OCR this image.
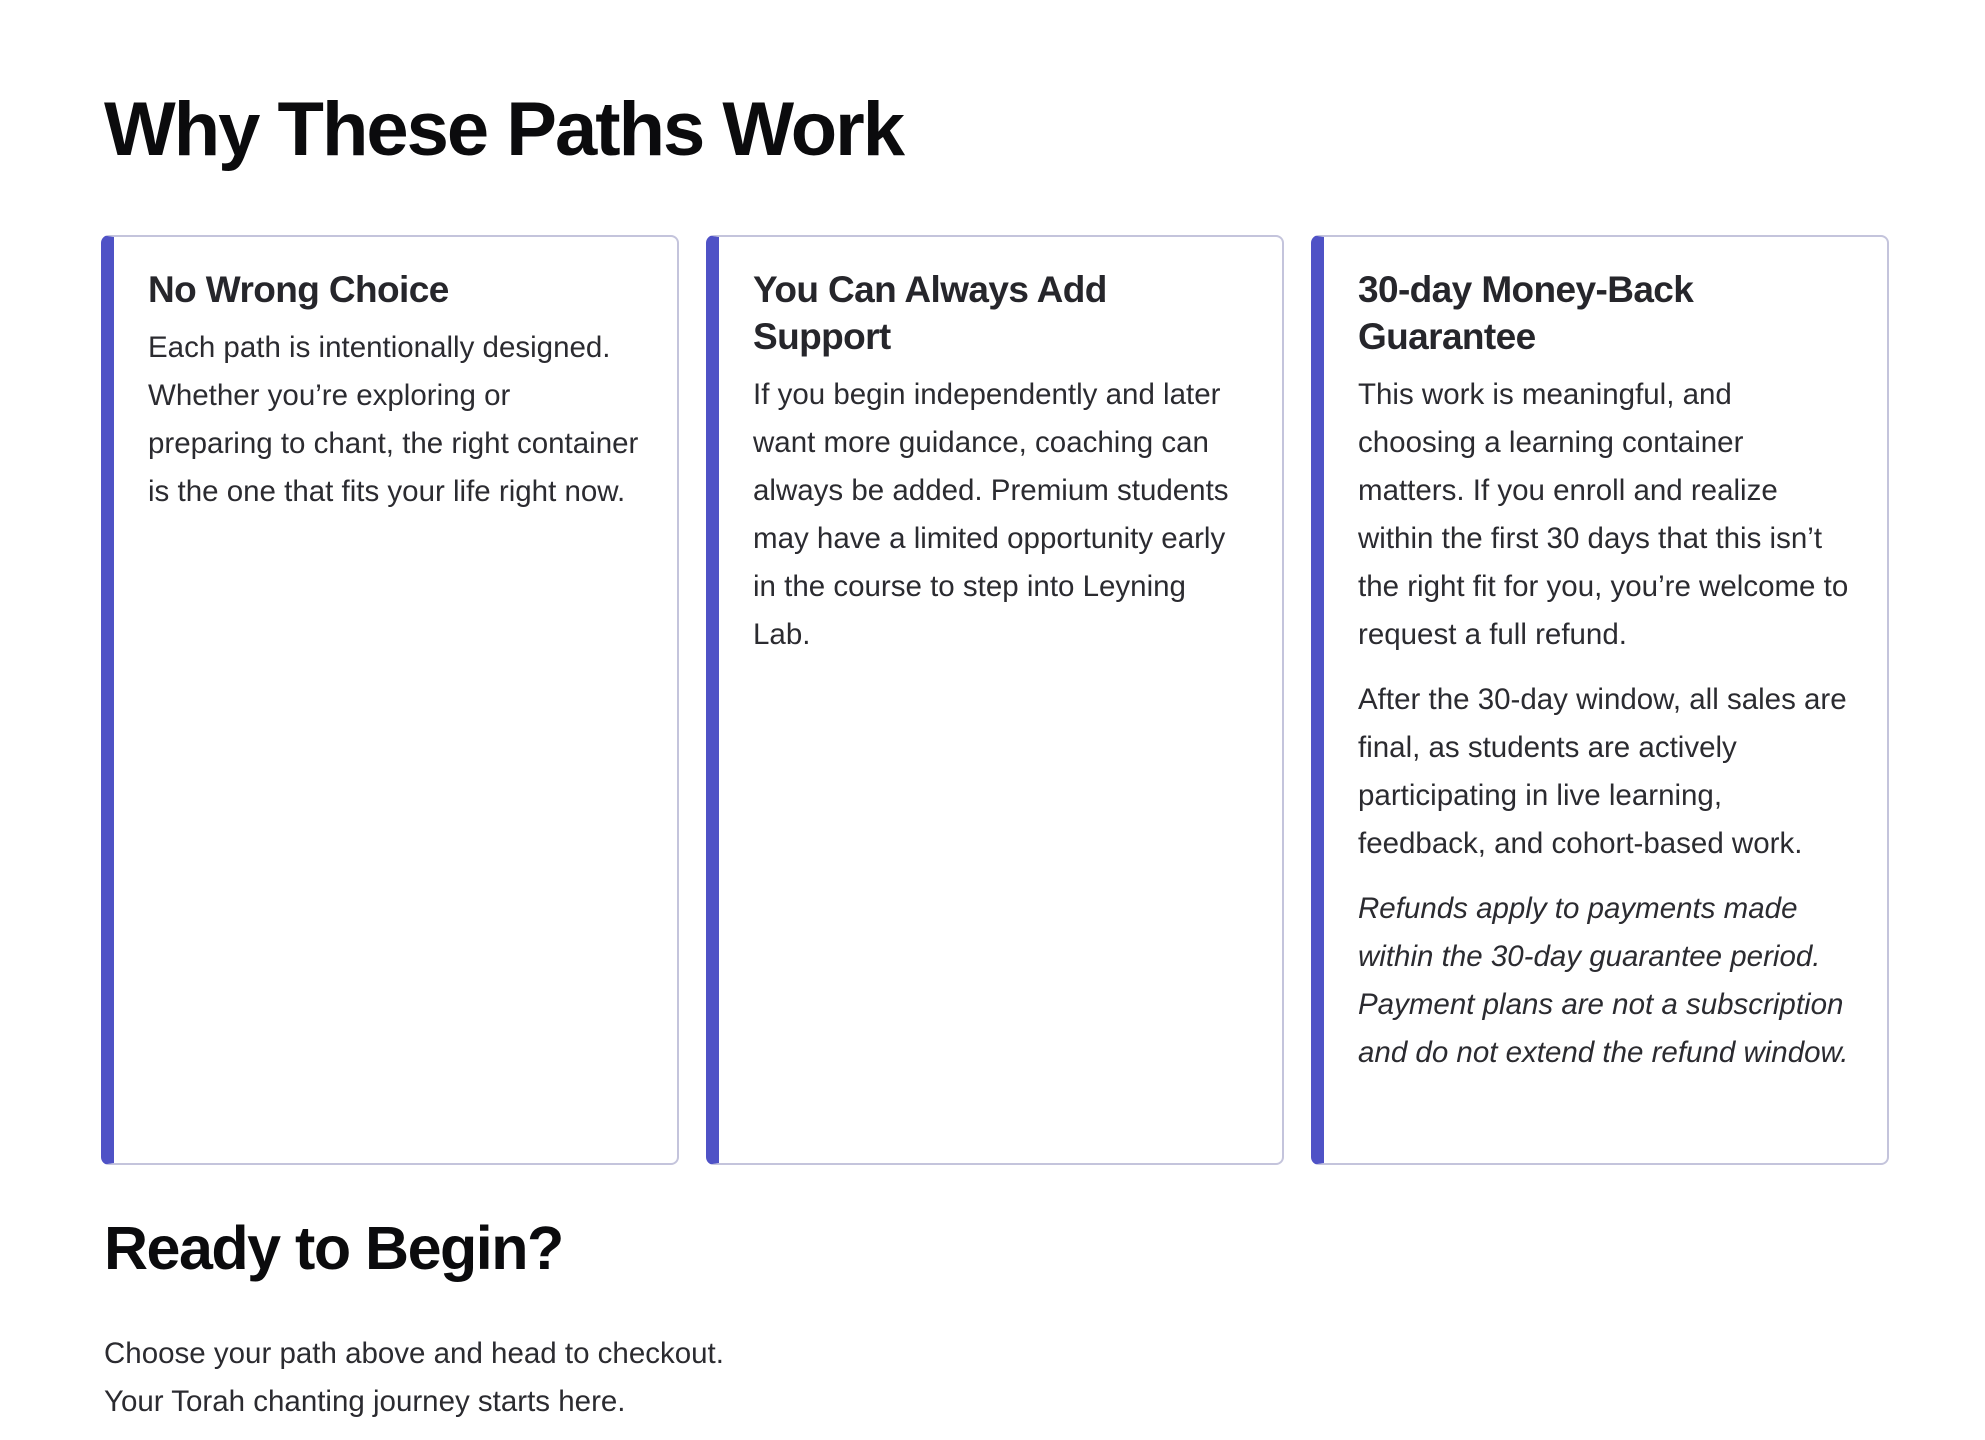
Why These Paths Work
No Wrong Choice

Each path is intentionally designed. Whether you’re exploring or preparing to chant, the right container is the one that fits your life right now.

You Can Always Add Support

If you begin independently and later want more guidance, coaching can always be added. Premium students may have a limited opportunity early in the course to step into Leyning Lab.

30-day Money-Back Guarantee

This work is meaningful, and choosing a learning container matters. If you enroll and realize within the first 30 days that this isn’t the right fit for you, you’re welcome to request a full refund.

After the 30-day window, all sales are final, as students are actively participating in live learning, feedback, and cohort-based work.

Refunds apply to payments made within the 30-day guarantee period. Payment plans are not a subscription and do not extend the refund window.

Ready to Begin?
Choose your path above and head to checkout.
Your Torah chanting journey starts here.
